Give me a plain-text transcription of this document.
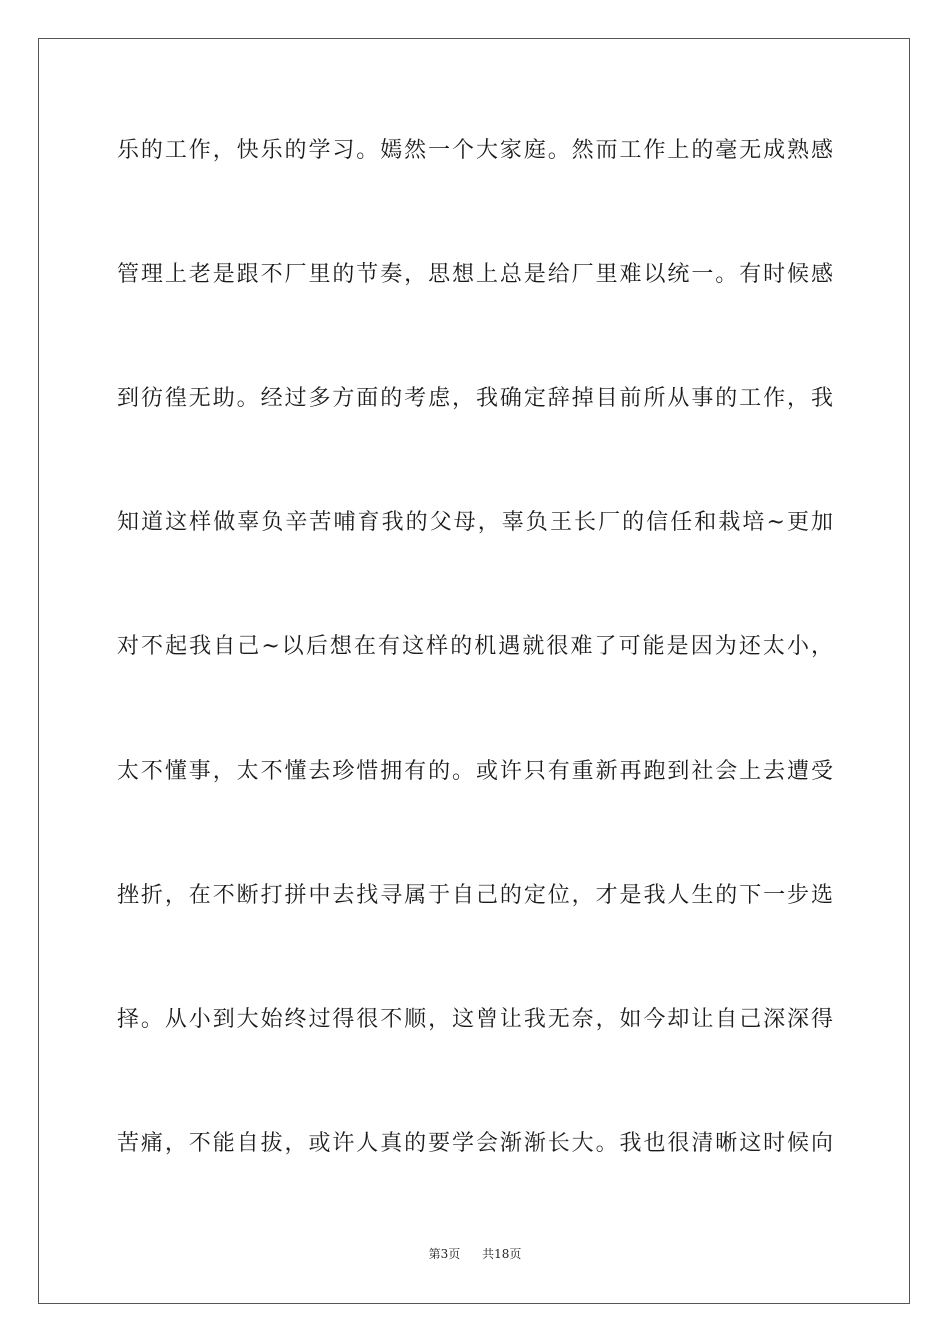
乐的工作，快乐的学习。嫣然一个大家庭。然而工作上的毫无成熟感
管理上老是跟不厂里的节奏，思想上总是给厂里难以统一。有时候感
到彷徨无助。经过多方面的考虑，我确定辞掉目前所从事的工作，我
知道这样做辜负辛苦哺育我的父母，辜负王长厂的信任和栽培~更加
对不起我自己~以后想在有这样的机遇就很难了可能是因为还太小，
太不懂事，太不懂去珍惜拥有的。或许只有重新再跑到社会上去遭受
挫折，在不断打拼中去找寻属于自己的定位，才是我人生的下一步选
择。从小到大始终过得很不顺，这曾让我无奈，如今却让自己深深得
苦痛，不能自拔，或许人真的要学会渐渐长大。我也很清晰这时候向
第3页 共18页
